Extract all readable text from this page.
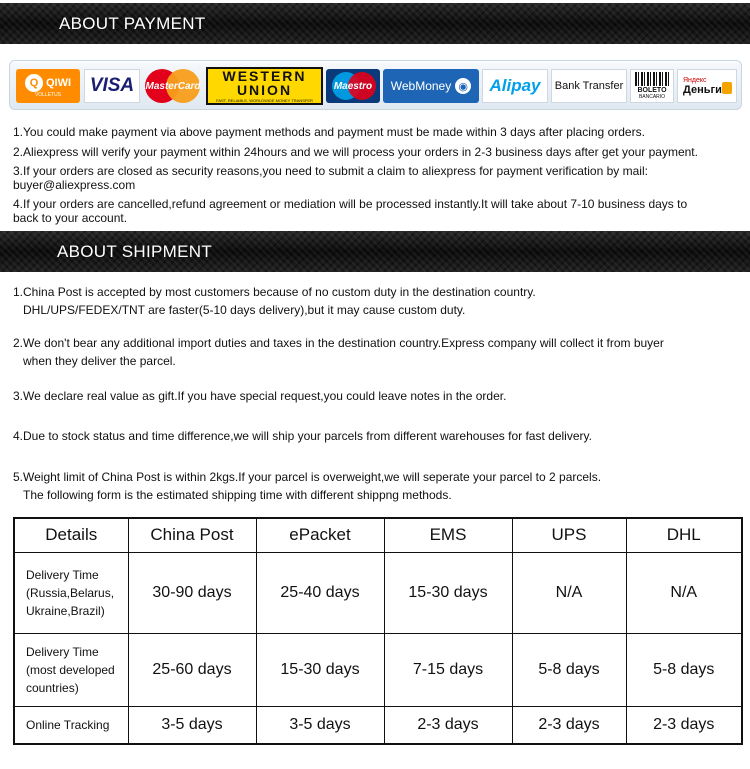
ABOUT PAYMENT
Q QIWI
VOLLETUS VISA MasterCard
WESTERN
UNION
FAST, RELIABLE, WORLDWIDE MONEY TRANSFER
Maestro WebMoney ◉ Alipay Bank Transfer BOLETO
BANCARIO
Яндекс
Деньги
1.You could make payment via above payment methods and payment must be made within 3 days after placing orders.
2.Aliexpress will verify your payment within 24hours and we will process your orders in 2-3 business days after get your payment.
3.If your orders are closed as security reasons,you need to submit a claim to aliexpress for payment verification by mail:
buyer@aliexpress.com
4.If your orders are cancelled,refund agreement or mediation will be processed instantly.It will take about 7-10 business days to
back to your account.
ABOUT SHIPMENT
1.China Post is accepted by most customers because of no custom duty in the destination country.
DHL/UPS/FEDEX/TNT are faster(5-10 days delivery),but it may cause custom duty.
2.We don't bear any additional import duties and taxes in the destination country.Express company will collect it from buyer
when they deliver the parcel.
3.We declare real value as gift.If you have special request,you could leave notes in the order.
4.Due to stock status and time difference,we will ship your parcels from different warehouses for fast delivery.
5.Weight limit of China Post is within 2kgs.If your parcel is overweight,we will seperate your parcel to 2 parcels.
The following form is the estimated shipping time with different shippng methods.
Details	China Post	ePacket	EMS	UPS	DHL

Delivery Time
(Russia,Belarus,
Ukraine,Brazil)	30-90 days	25-40 days	15-30 days	N/A	N/A

Delivery Time
(most developed
countries)	25-60 days	15-30 days	7-15 days	5-8 days	5-8 days

Online Tracking	3-5 days	3-5 days	2-3 days	2-3 days	2-3 days
